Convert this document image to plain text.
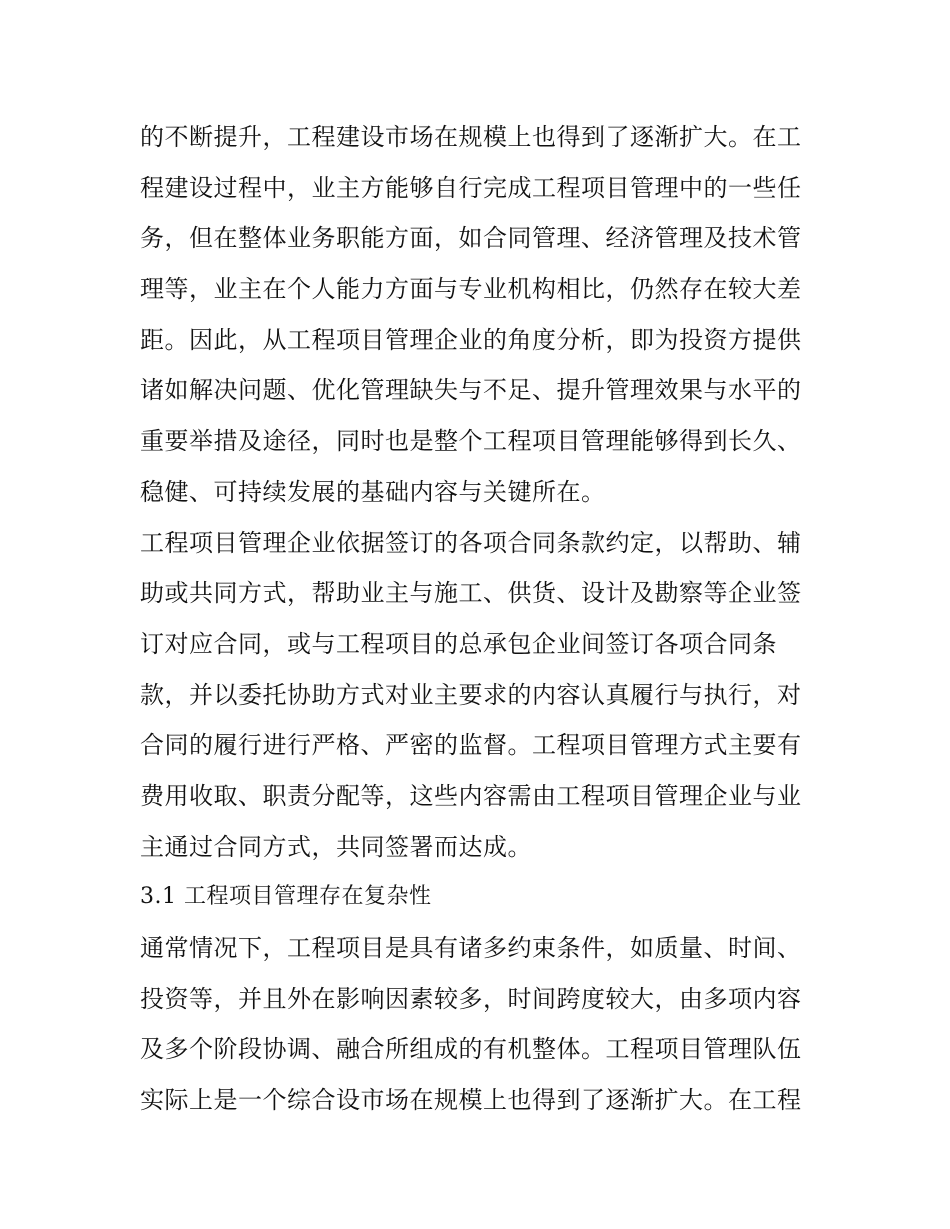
的不断提升，工程建设市场在规模上也得到了逐渐扩大。在工
程建设过程中，业主方能够自行完成工程项目管理中的一些任
务，但在整体业务职能方面，如合同管理、经济管理及技术管
理等，业主在个人能力方面与专业机构相比，仍然存在较大差
距。因此，从工程项目管理企业的角度分析，即为投资方提供
诸如解决问题、优化管理缺失与不足、提升管理效果与水平的
重要举措及途径，同时也是整个工程项目管理能够得到长久、
稳健、可持续发展的基础内容与关键所在。
工程项目管理企业依据签订的各项合同条款约定，以帮助、辅
助或共同方式，帮助业主与施工、供货、设计及勘察等企业签
订对应合同，或与工程项目的总承包企业间签订各项合同条
款，并以委托协助方式对业主要求的内容认真履行与执行，对
合同的履行进行严格、严密的监督。工程项目管理方式主要有
费用收取、职责分配等，这些内容需由工程项目管理企业与业
主通过合同方式，共同签署而达成。
3.1 工程项目管理存在复杂性
通常情况下，工程项目是具有诸多约束条件，如质量、时间、
投资等，并且外在影响因素较多，时间跨度较大，由多项内容
及多个阶段协调、融合所组成的有机整体。工程项目管理队伍
实际上是一个综合设市场在规模上也得到了逐渐扩大。在工程
